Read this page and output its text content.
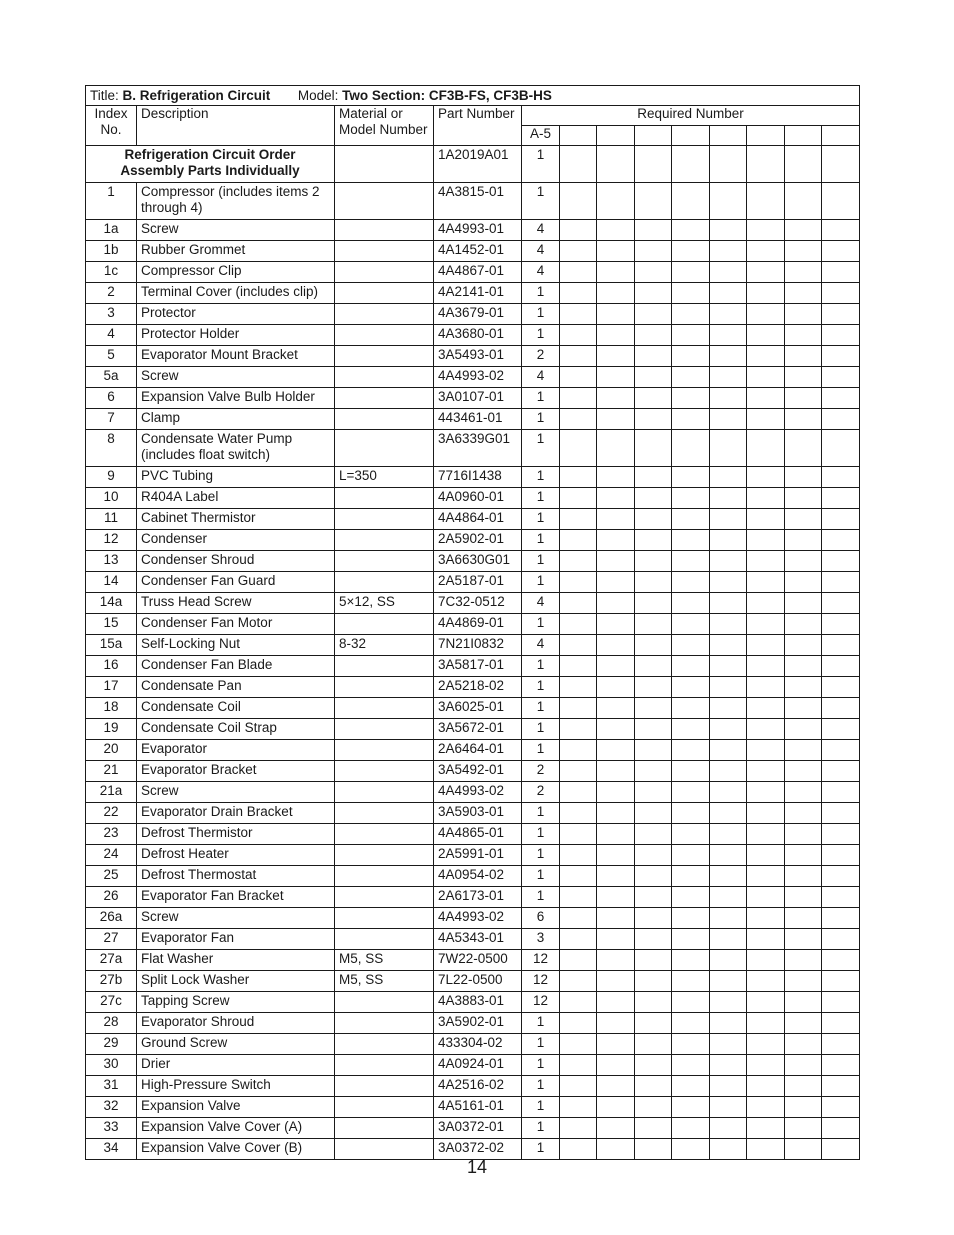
Title: B. Refrigeration Circuit Model: Two Section: CF3B-FS, CF3B-HS												
Index No.	Description	Material or Model Number	Part Number	Required Number								
				A-5								
Refrigeration Circuit Order Assembly Parts Individually			1A2019A01	1								
1	Compressor (includes items 2 through 4)		4A3815-01	1								
1a	Screw		4A4993-01	4								
1b	Rubber Grommet		4A1452-01	4								
1c	Compressor Clip		4A4867-01	4								
2	Terminal Cover (includes clip)		4A2141-01	1								
3	Protector		4A3679-01	1								
4	Protector Holder		4A3680-01	1								
5	Evaporator Mount Bracket		3A5493-01	2								
5a	Screw		4A4993-02	4								
6	Expansion Valve Bulb Holder		3A0107-01	1								
7	Clamp		443461-01	1								
8	Condensate Water Pump (includes float switch)		3A6339G01	1								
9	PVC Tubing	L=350	7716I1438	1								
10	R404A Label		4A0960-01	1								
11	Cabinet Thermistor		4A4864-01	1								
12	Condenser		2A5902-01	1								
13	Condenser Shroud		3A6630G01	1								
14	Condenser Fan Guard		2A5187-01	1								
14a	Truss Head Screw	5×12, SS	7C32-0512	4								
15	Condenser Fan Motor		4A4869-01	1								
15a	Self-Locking Nut	8-32	7N21I0832	4								
16	Condenser Fan Blade		3A5817-01	1								
17	Condensate Pan		2A5218-02	1								
18	Condensate Coil		3A6025-01	1								
19	Condensate Coil Strap		3A5672-01	1								
20	Evaporator		2A6464-01	1								
21	Evaporator Bracket		3A5492-01	2								
21a	Screw		4A4993-02	2								
22	Evaporator Drain Bracket		3A5903-01	1								
23	Defrost Thermistor		4A4865-01	1								
24	Defrost Heater		2A5991-01	1								
25	Defrost Thermostat		4A0954-02	1								
26	Evaporator Fan Bracket		2A6173-01	1								
26a	Screw		4A4993-02	6								
27	Evaporator Fan		4A5343-01	3								
27a	Flat Washer	M5, SS	7W22-0500	12								
27b	Split Lock Washer	M5, SS	7L22-0500	12								
27c	Tapping Screw		4A3883-01	12								
28	Evaporator Shroud		3A5902-01	1								
29	Ground Screw		433304-02	1								
30	Drier		4A0924-01	1								
31	High-Pressure Switch		4A2516-02	1								
32	Expansion Valve		4A5161-01	1								
33	Expansion Valve Cover (A)		3A0372-01	1								
34	Expansion Valve Cover (B)		3A0372-02	1								
14
